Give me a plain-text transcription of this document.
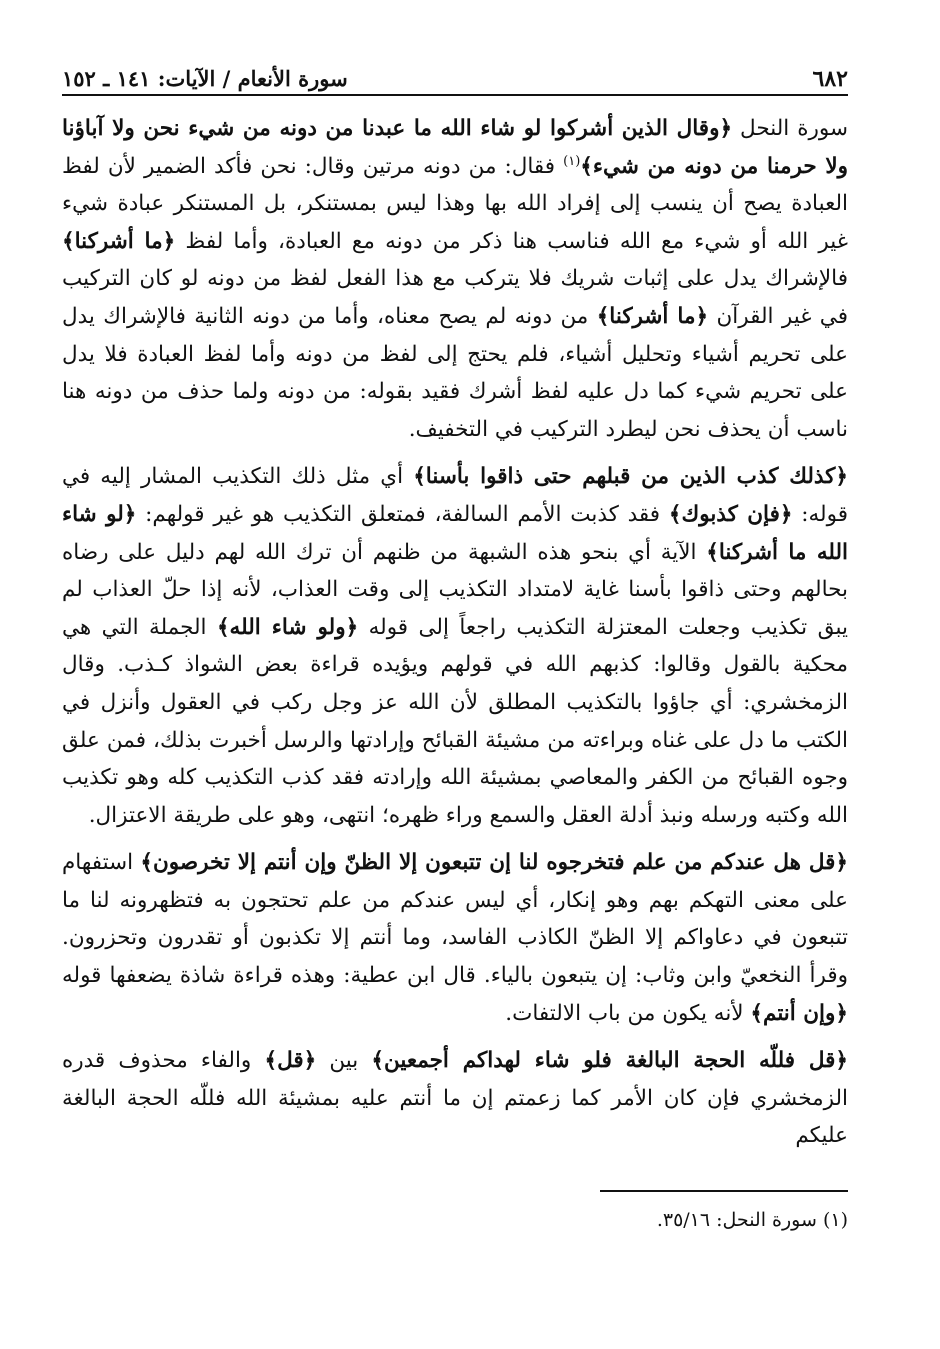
٦٨٢
سورة الأنعام / الآيات: ١٤١ ـ ١٥٢

سورة النحل ﴿وقال الذين أشركوا لو شاء الله ما عبدنا من دونه من شيء نحن ولا آباؤنا ولا حرمنا من دونه من شيء﴾$^{(١)}$ فقال: من دونه مرتين وقال: نحن فأكد الضمير لأن لفظ العبادة يصح أن ينسب إلى إفراد الله بها وهذا ليس بمستنكر، بل المستنكر عبادة شيء غير الله أو شيء مع الله فناسب هنا ذكر من دونه مع العبادة، وأما لفظ ﴿ما أشركنا﴾ فالإشراك يدل على إثبات شريك فلا يتركب مع هذا الفعل لفظ من دونه لو كان التركيب في غير القرآن ﴿ما أشركنا﴾ من دونه لم يصح معناه، وأما من دونه الثانية فالإشراك يدل على تحريم أشياء وتحليل أشياء، فلم يحتج إلى لفظ من دونه وأما لفظ العبادة فلا يدل على تحريم شيء كما دل عليه لفظ أشرك فقيد بقوله: من دونه ولما حذف من دونه هنا ناسب أن يحذف نحن ليطرد التركيب في التخفيف.

﴿كذلك كذب الذين من قبلهم حتى ذاقوا بأسنا﴾ أي مثل ذلك التكذيب المشار إليه في قوله: ﴿فإن كذبوك﴾ فقد كذبت الأمم السالفة، فمتعلق التكذيب هو غير قولهم: ﴿لو شاء الله ما أشركنا﴾ الآية أي بنحو هذه الشبهة من ظنهم أن ترك الله لهم دليل على رضاه بحالهم وحتى ذاقوا بأسنا غاية لامتداد التكذيب إلى وقت العذاب، لأنه إذا حلّ العذاب لم يبق تكذيب وجعلت المعتزلة التكذيب راجعاً إلى قوله ﴿ولو شاء الله﴾ الجملة التي هي محكية بالقول وقالوا: كذبهم الله في قولهم ويؤيده قراءة بعض الشواذ كـذب. وقال الزمخشري: أي جاؤوا بالتكذيب المطلق لأن الله عز وجل ركب في العقول وأنزل في الكتب ما دل على غناه وبراءته من مشيئة القبائح وإرادتها والرسل أخبرت بذلك، فمن علق وجوه القبائح من الكفر والمعاصي بمشيئة الله وإرادته فقد كذب التكذيب كله وهو تكذيب الله وكتبه ورسله ونبذ أدلة العقل والسمع وراء ظهره؛ انتهى، وهو على طريقة الاعتزال.

﴿قل هل عندكم من علم فتخرجوه لنا إن تتبعون إلا الظنّ وإن أنتم إلا تخرصون﴾ استفهام على معنى التهكم بهم وهو إنكار، أي ليس عندكم من علم تحتجون به فتظهرونه لنا ما تتبعون في دعاواكم إلا الظنّ الكاذب الفاسد، وما أنتم إلا تكذبون أو تقدرون وتحزرون. وقرأ النخعيّ وابن وثاب: إن يتبعون بالياء. قال ابن عطية: وهذه قراءة شاذة يضعفها قوله ﴿وإن أنتم﴾ لأنه يكون من باب الالتفات.

﴿قل فللّه الحجة البالغة فلو شاء لهداكم أجمعين﴾ بين ﴿قل﴾ والفاء محذوف قدره الزمخشري فإن كان الأمر كما زعمتم إن ما أنتم عليه بمشيئة الله فللّه الحجة البالغة عليكم

(١) سورة النحل: ٣٥/١٦.
